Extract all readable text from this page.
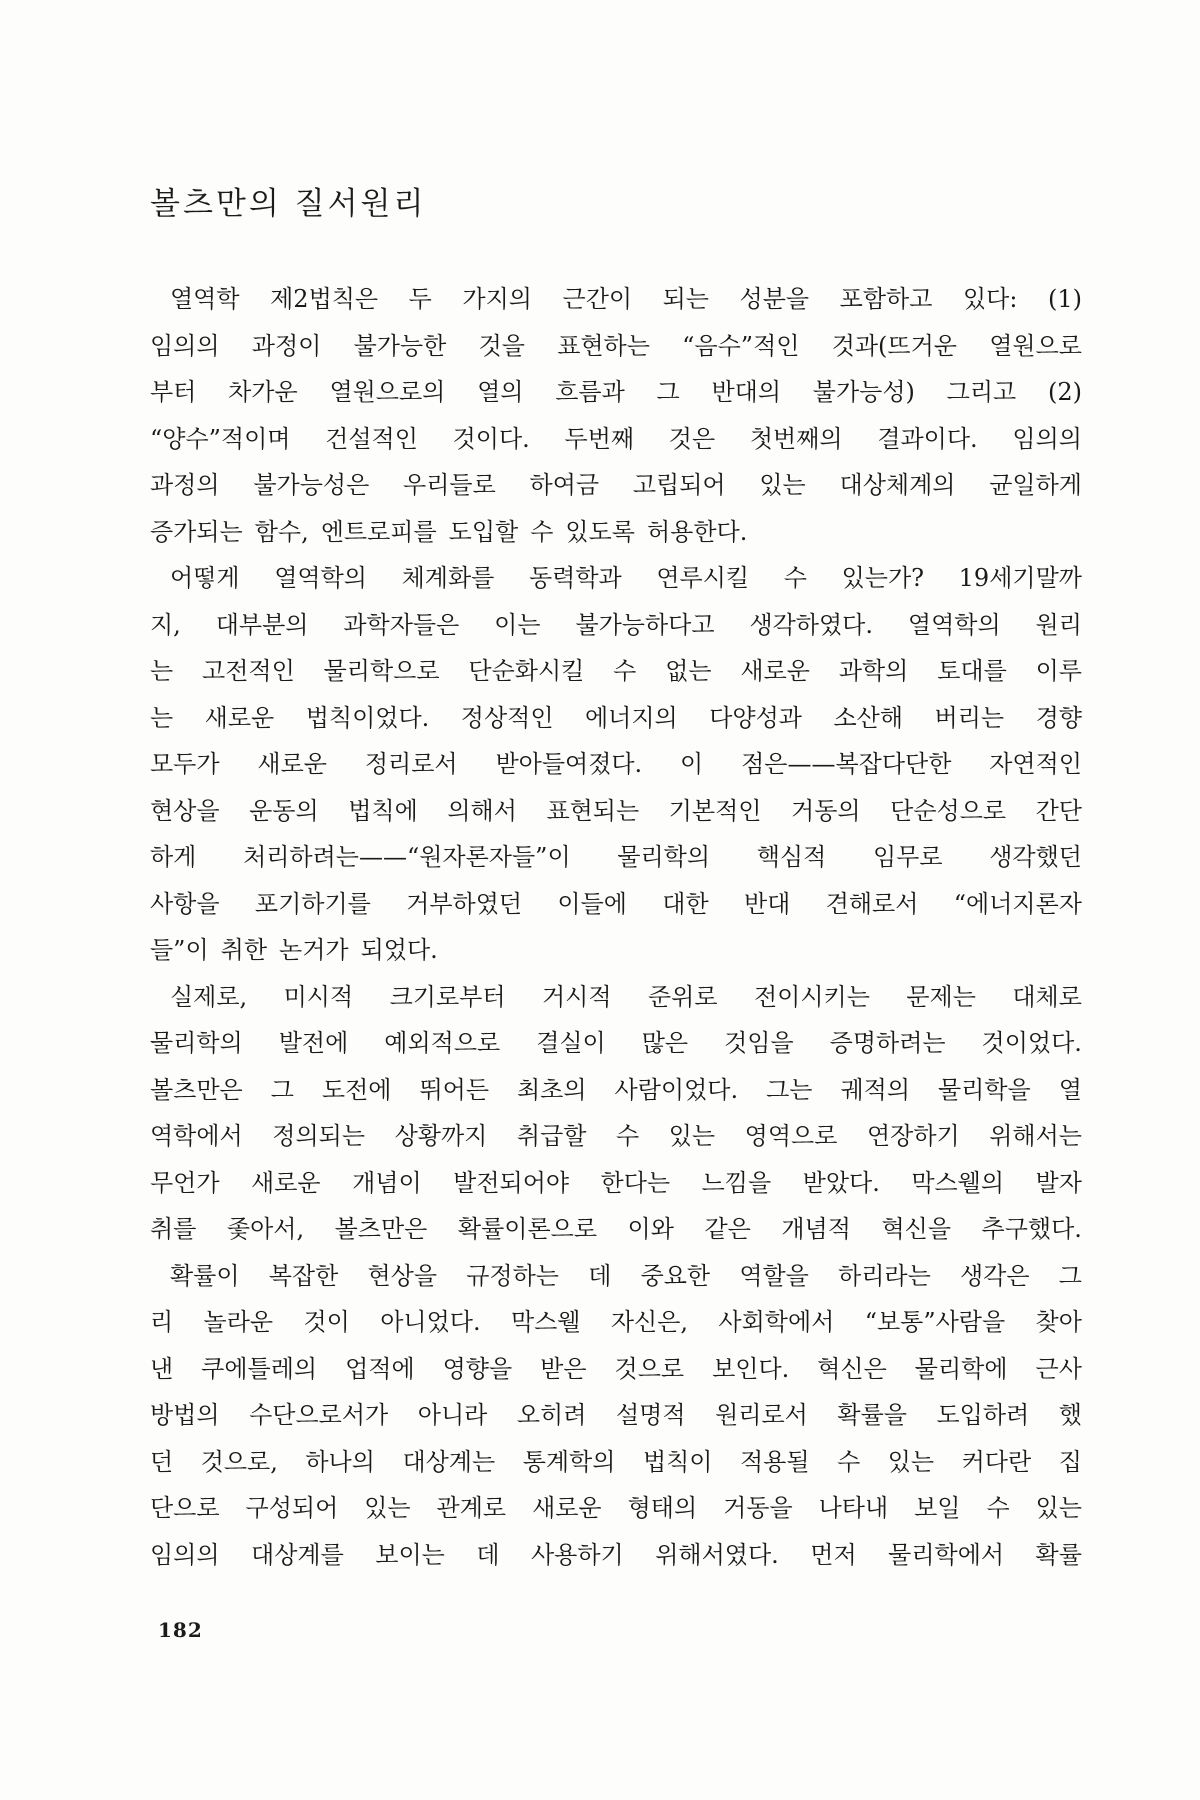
볼츠만의 질서원리
열역학 제2법칙은 두 가지의 근간이 되는 성분을 포함하고 있다: (1)
임의의 과정이 불가능한 것을 표현하는 “음수”적인 것과(뜨거운 열원으로
부터 차가운 열원으로의 열의 흐름과 그 반대의 불가능성) 그리고 (2)
“양수”적이며 건설적인 것이다. 두번째 것은 첫번째의 결과이다. 임의의
과정의 불가능성은 우리들로 하여금 고립되어 있는 대상체계의 균일하게
증가되는 함수, 엔트로피를 도입할 수 있도록 허용한다.
어떻게 열역학의 체계화를 동력학과 연루시킬 수 있는가? 19세기말까
지, 대부분의 과학자들은 이는 불가능하다고 생각하였다. 열역학의 원리
는 고전적인 물리학으로 단순화시킬 수 없는 새로운 과학의 토대를 이루
는 새로운 법칙이었다. 정상적인 에너지의 다양성과 소산해 버리는 경향
모두가 새로운 정리로서 받아들여졌다. 이 점은——복잡다단한 자연적인
현상을 운동의 법칙에 의해서 표현되는 기본적인 거동의 단순성으로 간단
하게 처리하려는——“원자론자들”이 물리학의 핵심적 임무로 생각했던
사항을 포기하기를 거부하였던 이들에 대한 반대 견해로서 “에너지론자
들”이 취한 논거가 되었다.
실제로, 미시적 크기로부터 거시적 준위로 전이시키는 문제는 대체로
물리학의 발전에 예외적으로 결실이 많은 것임을 증명하려는 것이었다.
볼츠만은 그 도전에 뛰어든 최초의 사람이었다. 그는 궤적의 물리학을 열
역학에서 정의되는 상황까지 취급할 수 있는 영역으로 연장하기 위해서는
무언가 새로운 개념이 발전되어야 한다는 느낌을 받았다. 막스웰의 발자
취를 좇아서, 볼츠만은 확률이론으로 이와 같은 개념적 혁신을 추구했다.
확률이 복잡한 현상을 규정하는 데 중요한 역할을 하리라는 생각은 그
리 놀라운 것이 아니었다. 막스웰 자신은, 사회학에서 “보통”사람을 찾아
낸 쿠에틀레의 업적에 영향을 받은 것으로 보인다. 혁신은 물리학에 근사
방법의 수단으로서가 아니라 오히려 설명적 원리로서 확률을 도입하려 했
던 것으로, 하나의 대상계는 통계학의 법칙이 적용될 수 있는 커다란 집
단으로 구성되어 있는 관계로 새로운 형태의 거동을 나타내 보일 수 있는
임의의 대상계를 보이는 데 사용하기 위해서였다. 먼저 물리학에서 확률
182
